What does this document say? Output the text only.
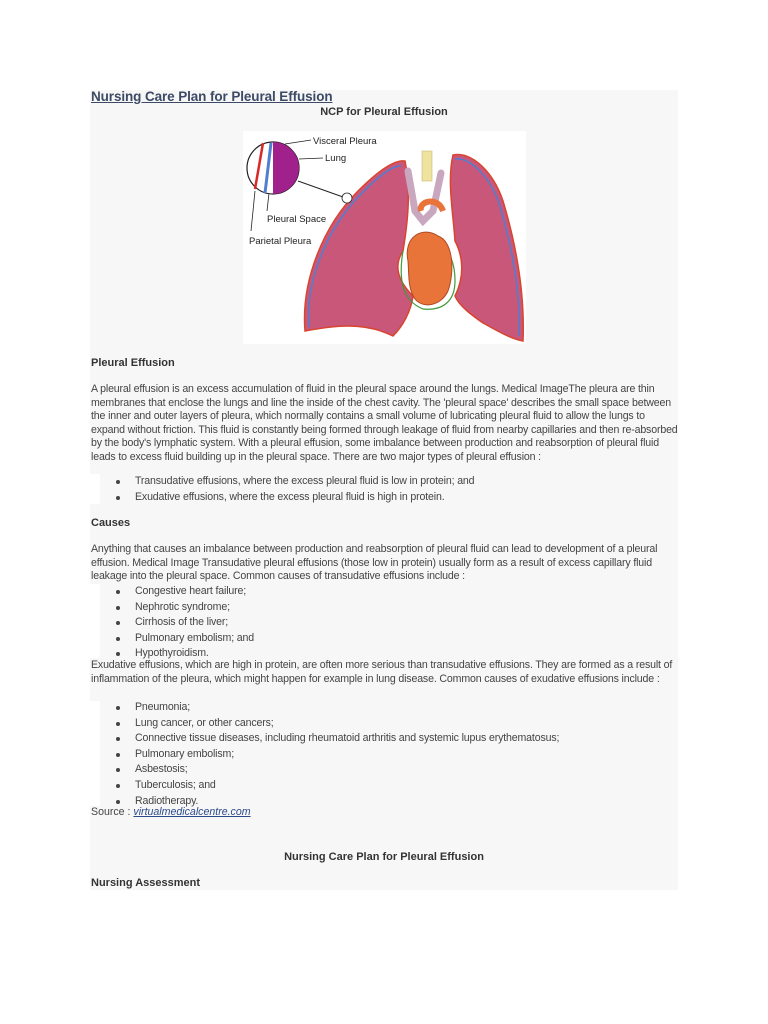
Nursing Care Plan for Pleural Effusion
NCP for Pleural Effusion
Visceral Pleura
Lung
Pleural Space
Parietal Pleura
Pleural Effusion
A pleural effusion is an excess accumulation of fluid in the pleural space around the lungs. Medical ImageThe pleura are thin membranes that enclose the lungs and line the inside of the chest cavity. The 'pleural space' describes the small space between the inner and outer layers of pleura, which normally contains a small volume of lubricating pleural fluid to allow the lungs to expand without friction. This fluid is constantly being formed through leakage of fluid from nearby capillaries and then re-absorbed by the body's lymphatic system. With a pleural effusion, some imbalance between production and reabsorption of pleural fluid leads to excess fluid building up in the pleural space. There are two major types of pleural effusion :
Transudative effusions, where the excess pleural fluid is low in protein; and
Exudative effusions, where the excess pleural fluid is high in protein.
Causes
Anything that causes an imbalance between production and reabsorption of pleural fluid can lead to development of a pleural effusion. Medical Image Transudative pleural effusions (those low in protein) usually form as a result of excess capillary fluid leakage into the pleural space. Common causes of transudative effusions include :
Congestive heart failure;
Nephrotic syndrome;
Cirrhosis of the liver;
Pulmonary embolism; and
Hypothyroidism.
Exudative effusions, which are high in protein, are often more serious than transudative effusions. They are formed as a result of inflammation of the pleura, which might happen for example in lung disease. Common causes of exudative effusions include :
Pneumonia;
Lung cancer, or other cancers;
Connective tissue diseases, including rheumatoid arthritis and systemic lupus erythematosus;
Pulmonary embolism;
Asbestosis;
Tuberculosis; and
Radiotherapy.
Source : virtualmedicalcentre.com
Nursing Care Plan for Pleural Effusion
Nursing Assessment
